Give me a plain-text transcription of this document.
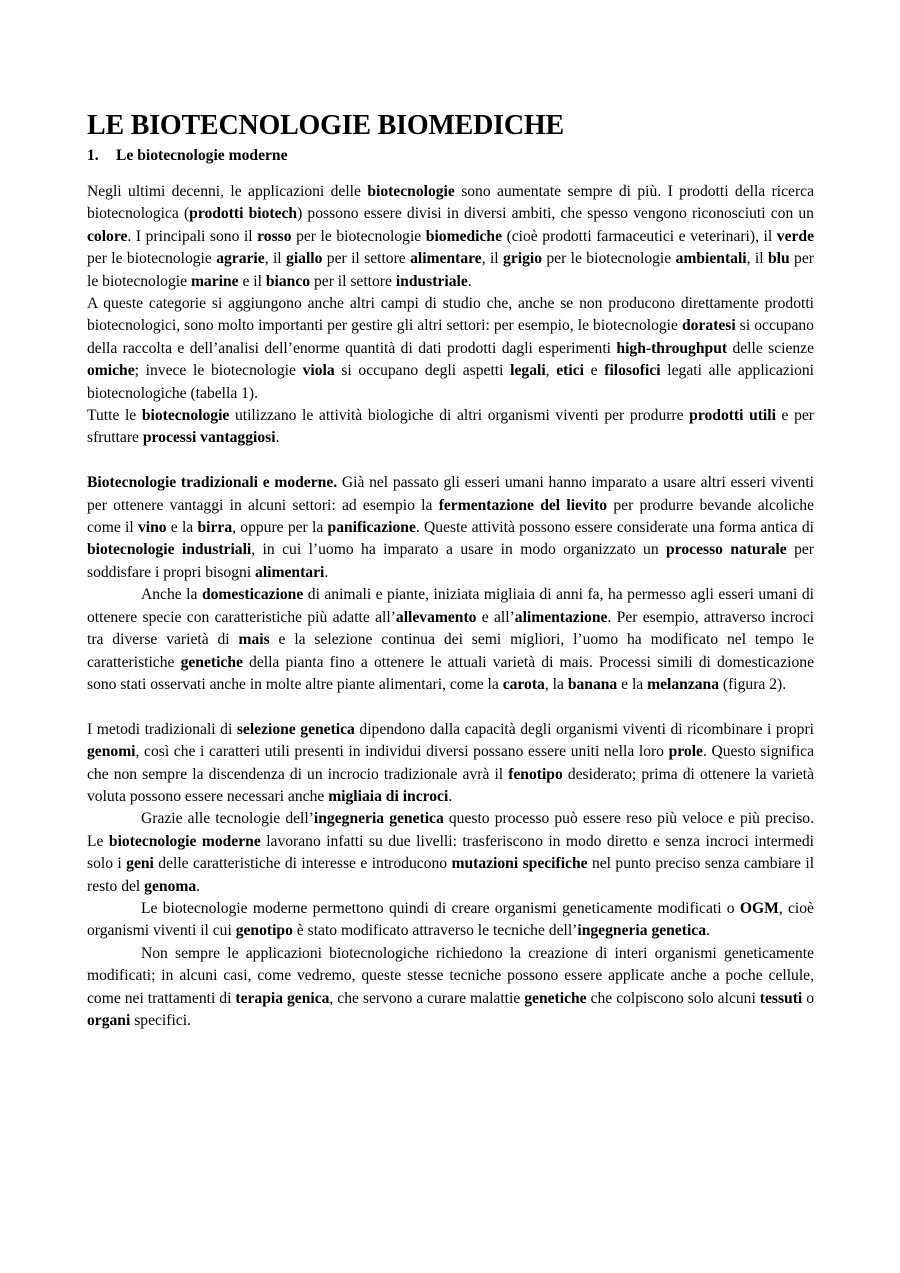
LE BIOTECNOLOGIE BIOMEDICHE
1. Le biotecnologie moderne

Negli ultimi decenni, le applicazioni delle biotecnologie sono aumentate sempre di più. I prodotti della ricerca biotecnologica (prodotti biotech) possono essere divisi in diversi ambiti, che spesso vengono riconosciuti con un colore. I principali sono il rosso per le biotecnologie biomediche (cioè prodotti farmaceutici e veterinari), il verde per le biotecnologie agrarie, il giallo per il settore alimentare, il grigio per le biotecnologie ambientali, il blu per le biotecnologie marine e il bianco per il settore industriale.

A queste categorie si aggiungono anche altri campi di studio che, anche se non producono direttamente prodotti biotecnologici, sono molto importanti per gestire gli altri settori: per esempio, le biotecnologie doratesi si occupano della raccolta e dell’analisi dell’enorme quantità di dati prodotti dagli esperimenti high-throughput delle scienze omiche; invece le biotecnologie viola si occupano degli aspetti legali, etici e filosofici legati alle applicazioni biotecnologiche (tabella 1).

Tutte le biotecnologie utilizzano le attività biologiche di altri organismi viventi per produrre prodotti utili e per sfruttare processi vantaggiosi.

Biotecnologie tradizionali e moderne. Già nel passato gli esseri umani hanno imparato a usare altri esseri viventi per ottenere vantaggi in alcuni settori: ad esempio la fermentazione del lievito per produrre bevande alcoliche come il vino e la birra, oppure per la panificazione. Queste attività possono essere considerate una forma antica di biotecnologie industriali, in cui l’uomo ha imparato a usare in modo organizzato un processo naturale per soddisfare i propri bisogni alimentari.

Anche la domesticazione di animali e piante, iniziata migliaia di anni fa, ha permesso agli esseri umani di ottenere specie con caratteristiche più adatte all’allevamento e all’alimentazione. Per esempio, attraverso incroci tra diverse varietà di mais e la selezione continua dei semi migliori, l’uomo ha modificato nel tempo le caratteristiche genetiche della pianta fino a ottenere le attuali varietà di mais. Processi simili di domesticazione sono stati osservati anche in molte altre piante alimentari, come la carota, la banana e la melanzana (figura 2).

I metodi tradizionali di selezione genetica dipendono dalla capacità degli organismi viventi di ricombinare i propri genomi, così che i caratteri utili presenti in individui diversi possano essere uniti nella loro prole. Questo significa che non sempre la discendenza di un incrocio tradizionale avrà il fenotipo desiderato; prima di ottenere la varietà voluta possono essere necessari anche migliaia di incroci.

Grazie alle tecnologie dell’ingegneria genetica questo processo può essere reso più veloce e più preciso. Le biotecnologie moderne lavorano infatti su due livelli: trasferiscono in modo diretto e senza incroci intermedi solo i geni delle caratteristiche di interesse e introducono mutazioni specifiche nel punto preciso senza cambiare il resto del genoma.

Le biotecnologie moderne permettono quindi di creare organismi geneticamente modificati o OGM, cioè organismi viventi il cui genotipo è stato modificato attraverso le tecniche dell’ingegneria genetica.

Non sempre le applicazioni biotecnologiche richiedono la creazione di interi organismi geneticamente modificati; in alcuni casi, come vedremo, queste stesse tecniche possono essere applicate anche a poche cellule, come nei trattamenti di terapia genica, che servono a curare malattie genetiche che colpiscono solo alcuni tessuti o organi specifici.
